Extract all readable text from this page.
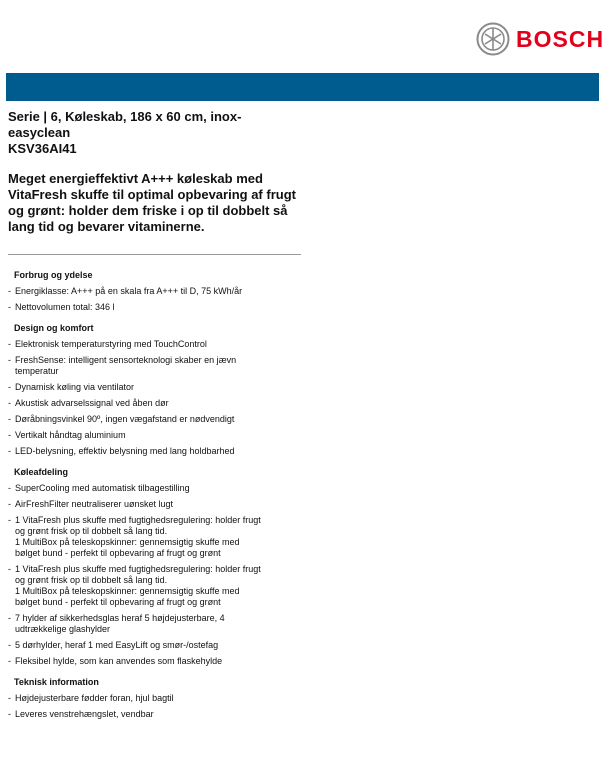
BOSCH
Serie | 6, Køleskab, 186 x 60 cm, inox-easyclean
KSV36AI41
Meget energieffektivt A+++ køleskab med VitaFresh skuffe til optimal opbevaring af frugt og grønt: holder dem friske i op til dobbelt så lang tid og bevarer vitaminerne.
Forbrug og ydelse
- Energiklasse: A+++ på en skala fra A+++ til D, 75 kWh/år
- Nettovolumen total: 346 l
Design og komfort
- Elektronisk temperaturstyring med TouchControl
- FreshSense: intelligent sensorteknologi skaber en jævn
temperatur
- Dynamisk køling via ventilator
- Akustisk advarselssignal ved åben dør
- Døråbningsvinkel 90º, ingen vægafstand er nødvendigt
- Vertikalt håndtag aluminium
- LED-belysning, effektiv belysning med lang holdbarhed
Køleafdeling
- SuperCooling med automatisk tilbagestilling
- AirFreshFilter neutraliserer uønsket lugt
- 1 VitaFresh plus skuffe med fugtighedsregulering: holder frugt
og grønt frisk op til dobbelt så lang tid.
1 MultiBox på teleskopskinner: gennemsigtig skuffe med
bølget bund - perfekt til opbevaring af frugt og grønt
- 1 VitaFresh plus skuffe med fugtighedsregulering: holder frugt
og grønt frisk op til dobbelt så lang tid.
1 MultiBox på teleskopskinner: gennemsigtig skuffe med
bølget bund - perfekt til opbevaring af frugt og grønt
- 7 hylder af sikkerhedsglas heraf 5 højdejusterbare, 4
udtrækkelige glashylder
- 5 dørhylder, heraf 1 med EasyLift og smør-/ostefag
- Fleksibel hylde, som kan anvendes som flaskehylde
Teknisk information
- Højdejusterbare fødder foran, hjul bagtil
- Leveres venstrehængslet, vendbar
